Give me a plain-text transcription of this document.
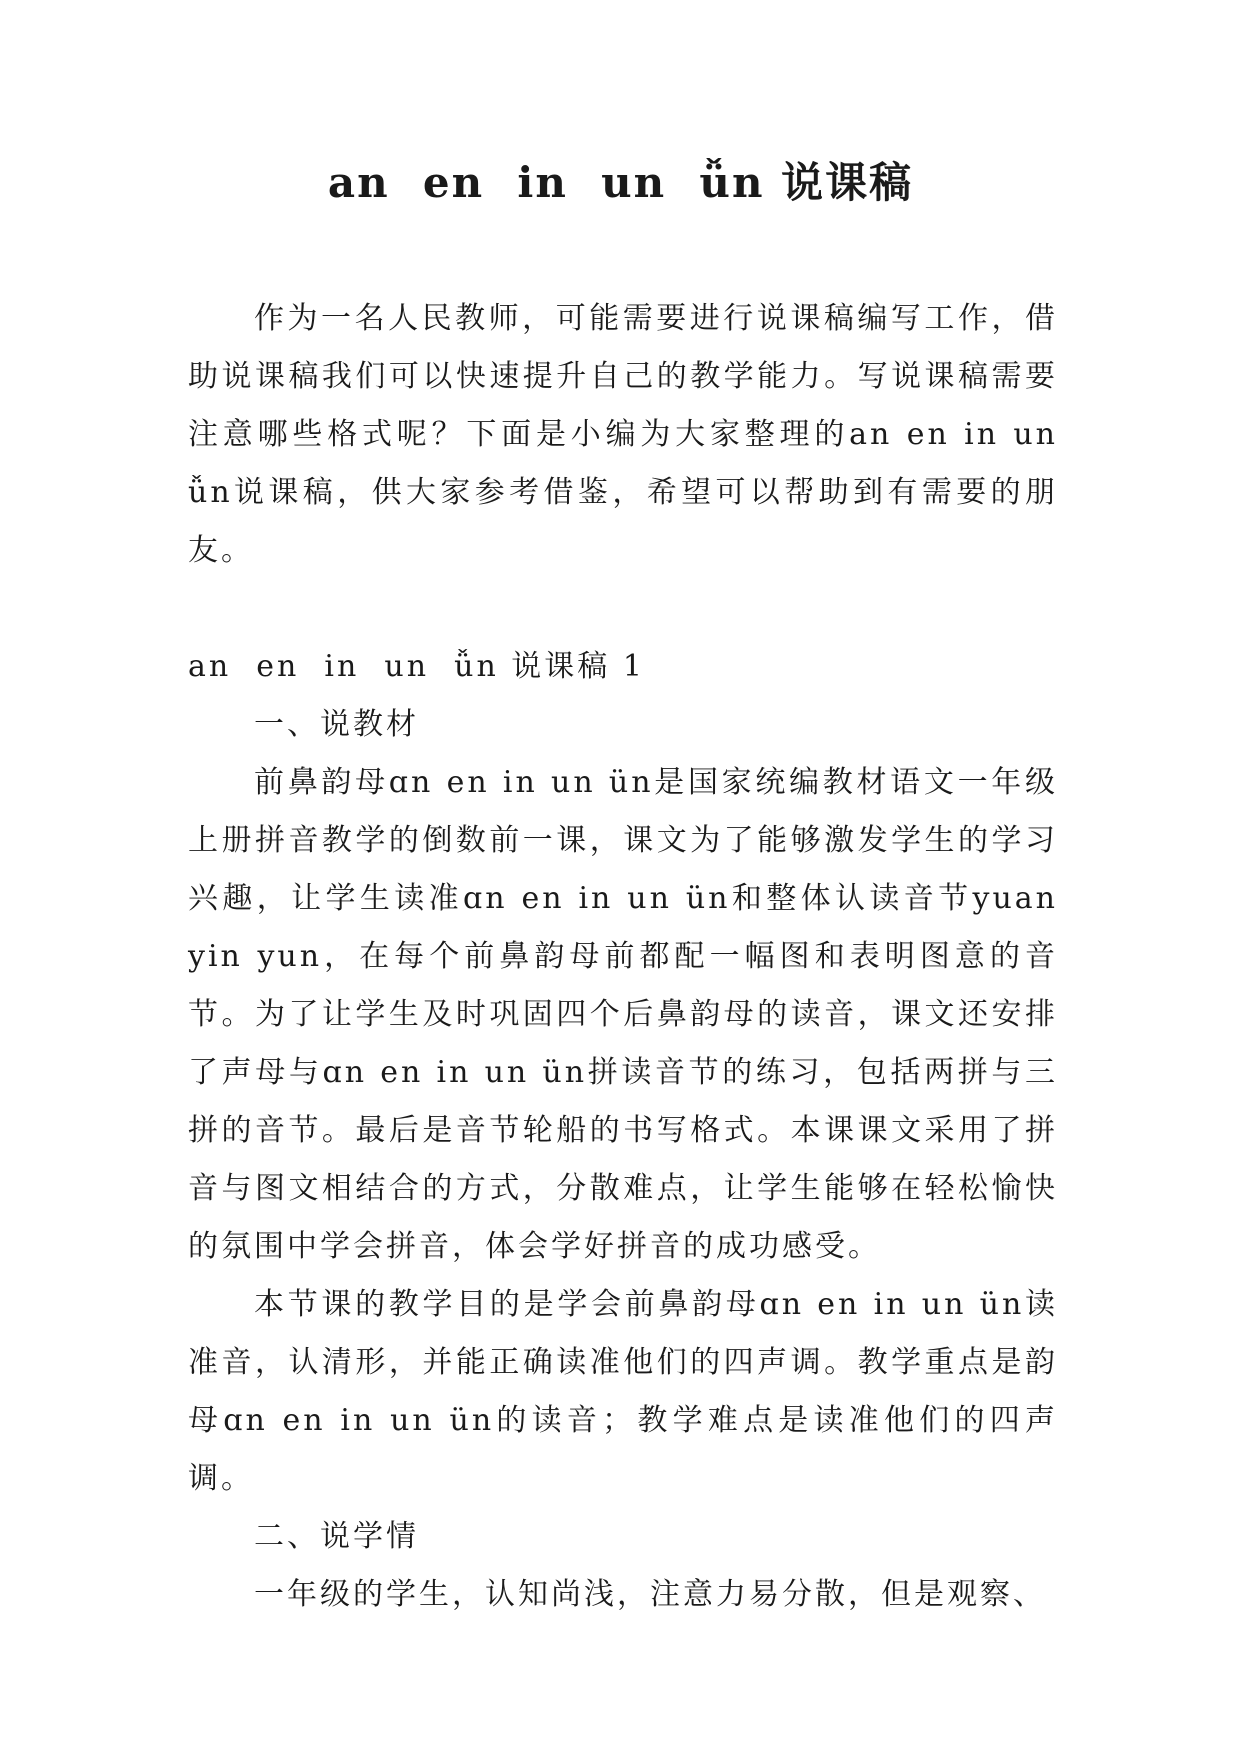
an  en  in  un  ǚn 说课稿

作为一名人民教师，可能需要进行说课稿编写工作，借助说课稿我们可以快速提升自己的教学能力。写说课稿需要注意哪些格式呢？下面是小编为大家整理的an en in un ǚn说课稿，供大家参考借鉴，希望可以帮助到有需要的朋友。

an  en  in  un  ǚn 说课稿 1

一、说教材

前鼻韵母ɑn en in un ün是国家统编教材语文一年级上册拼音教学的倒数前一课，课文为了能够激发学生的学习兴趣，让学生读准ɑn en in un ün和整体认读音节yuan yin yun，在每个前鼻韵母前都配一幅图和表明图意的音节。为了让学生及时巩固四个后鼻韵母的读音，课文还安排了声母与ɑn en in un ün拼读音节的练习，包括两拼与三拼的音节。最后是音节轮船的书写格式。本课课文采用了拼音与图文相结合的方式，分散难点，让学生能够在轻松愉快的氛围中学会拼音，体会学好拼音的成功感受。

本节课的教学目的是学会前鼻韵母ɑn en in un ün读准音，认清形，并能正确读准他们的四声调。教学重点是韵母ɑn en in un ün的读音；教学难点是读准他们的四声调。

二、说学情

一年级的学生，认知尚浅，注意力易分散，但是观察、
